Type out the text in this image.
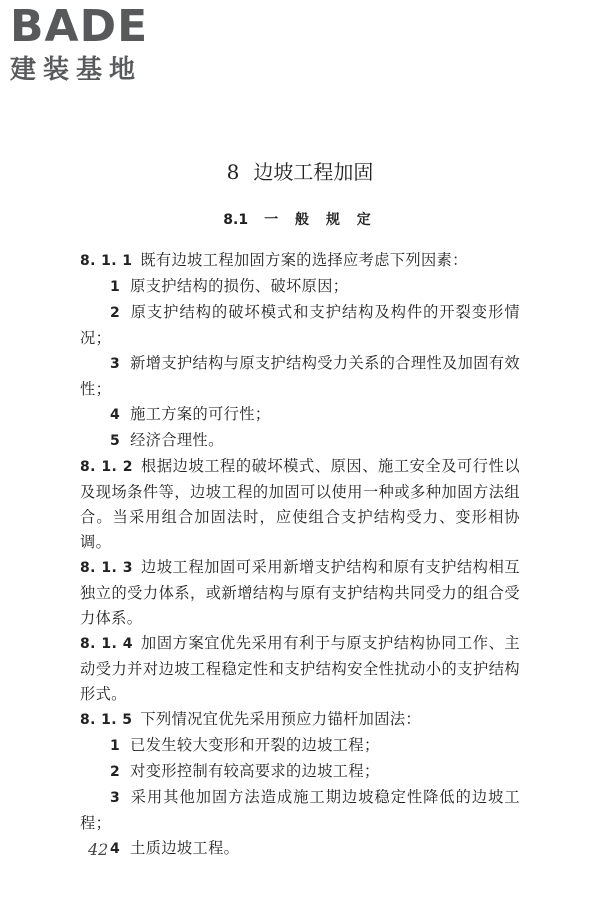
BADE
建装基地
8 边坡工程加固
8.1 一 般 规 定

8. 1. 1 既有边坡工程加固方案的选择应考虑下列因素：

1 原支护结构的损伤、破坏原因；

2 原支护结构的破坏模式和支护结构及构件的开裂变形情况；

3 新增支护结构与原支护结构受力关系的合理性及加固有效性；

4 施工方案的可行性；

5 经济合理性。

8. 1. 2 根据边坡工程的破坏模式、原因、施工安全及可行性以及现场条件等，边坡工程的加固可以使用一种或多种加固方法组合。当采用组合加固法时，应使组合支护结构受力、变形相协调。

8. 1. 3 边坡工程加固可采用新增支护结构和原有支护结构相互独立的受力体系，或新增结构与原有支护结构共同受力的组合受力体系。

8. 1. 4 加固方案宜优先采用有利于与原支护结构协同工作、主动受力并对边坡工程稳定性和支护结构安全性扰动小的支护结构形式。

8. 1. 5 下列情况宜优先采用预应力锚杆加固法：

1 已发生较大变形和开裂的边坡工程；

2 对变形控制有较高要求的边坡工程；

3 采用其他加固方法造成施工期边坡稳定性降低的边坡工程；

4 土质边坡工程。

42
